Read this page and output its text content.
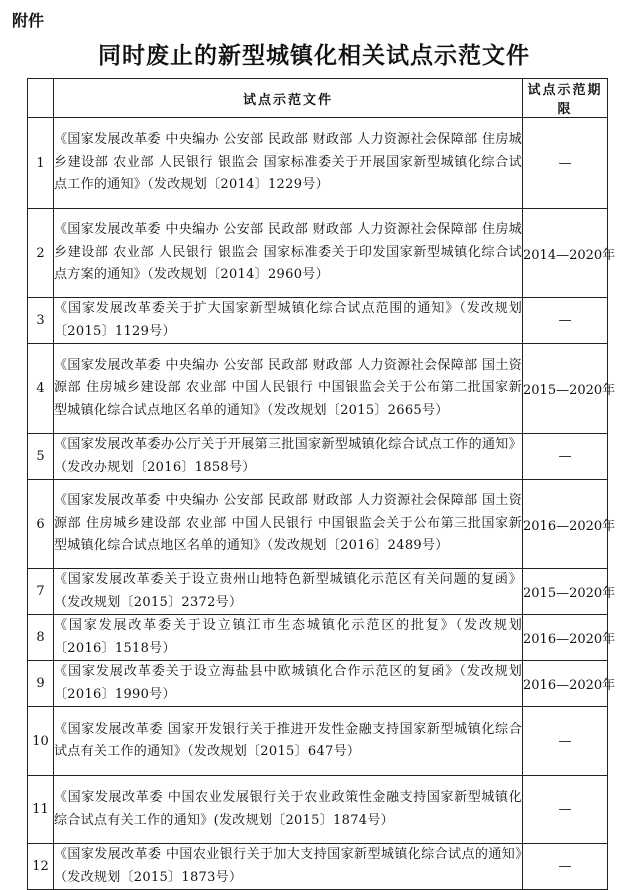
附件
同时废止的新型城镇化相关试点示范文件
	试点示范文件	试点示范期限
1	《国家发展改革委 中央编办 公安部 民政部 财政部 人力资源社会保障部 住房城乡建设部 农业部 人民银行 银监会 国家标准委关于开展国家新型城镇化综合试点工作的通知》（发改规划〔2014〕1229号）	—
2	《国家发展改革委 中央编办 公安部 民政部 财政部 人力资源社会保障部 住房城乡建设部 农业部 人民银行 银监会 国家标准委关于印发国家新型城镇化综合试点方案的通知》（发改规划〔2014〕2960号）	2014—2020年
3	《国家发展改革委关于扩大国家新型城镇化综合试点范围的通知》（发改规划〔2015〕1129号）	—
4	《国家发展改革委 中央编办 公安部 民政部 财政部 人力资源社会保障部 国土资源部 住房城乡建设部 农业部 中国人民银行 中国银监会关于公布第二批国家新型城镇化综合试点地区名单的通知》（发改规划〔2015〕2665号）	2015—2020年
5	《国家发展改革委办公厅关于开展第三批国家新型城镇化综合试点工作的通知》（发改办规划〔2016〕1858号）	—
6	《国家发展改革委 中央编办 公安部 民政部 财政部 人力资源社会保障部 国土资源部 住房城乡建设部 农业部 中国人民银行 中国银监会关于公布第三批国家新型城镇化综合试点地区名单的通知》（发改规划〔2016〕2489号）	2016—2020年
7	《国家发展改革委关于设立贵州山地特色新型城镇化示范区有关问题的复函》（发改规划〔2015〕2372号）	2015—2020年
8	《国家发展改革委关于设立镇江市生态城镇化示范区的批复》（发改规划〔2016〕1518号）	2016—2020年
9	《国家发展改革委关于设立海盐县中欧城镇化合作示范区的复函》（发改规划〔2016〕1990号）	2016—2020年
10	《国家发展改革委 国家开发银行关于推进开发性金融支持国家新型城镇化综合试点有关工作的通知》（发改规划〔2015〕647号）	—
11	《国家发展改革委 中国农业发展银行关于农业政策性金融支持国家新型城镇化综合试点有关工作的通知》(发改规划〔2015〕1874号）	—
12	《国家发展改革委 中国农业银行关于加大支持国家新型城镇化综合试点的通知》（发改规划〔2015〕1873号）	—
